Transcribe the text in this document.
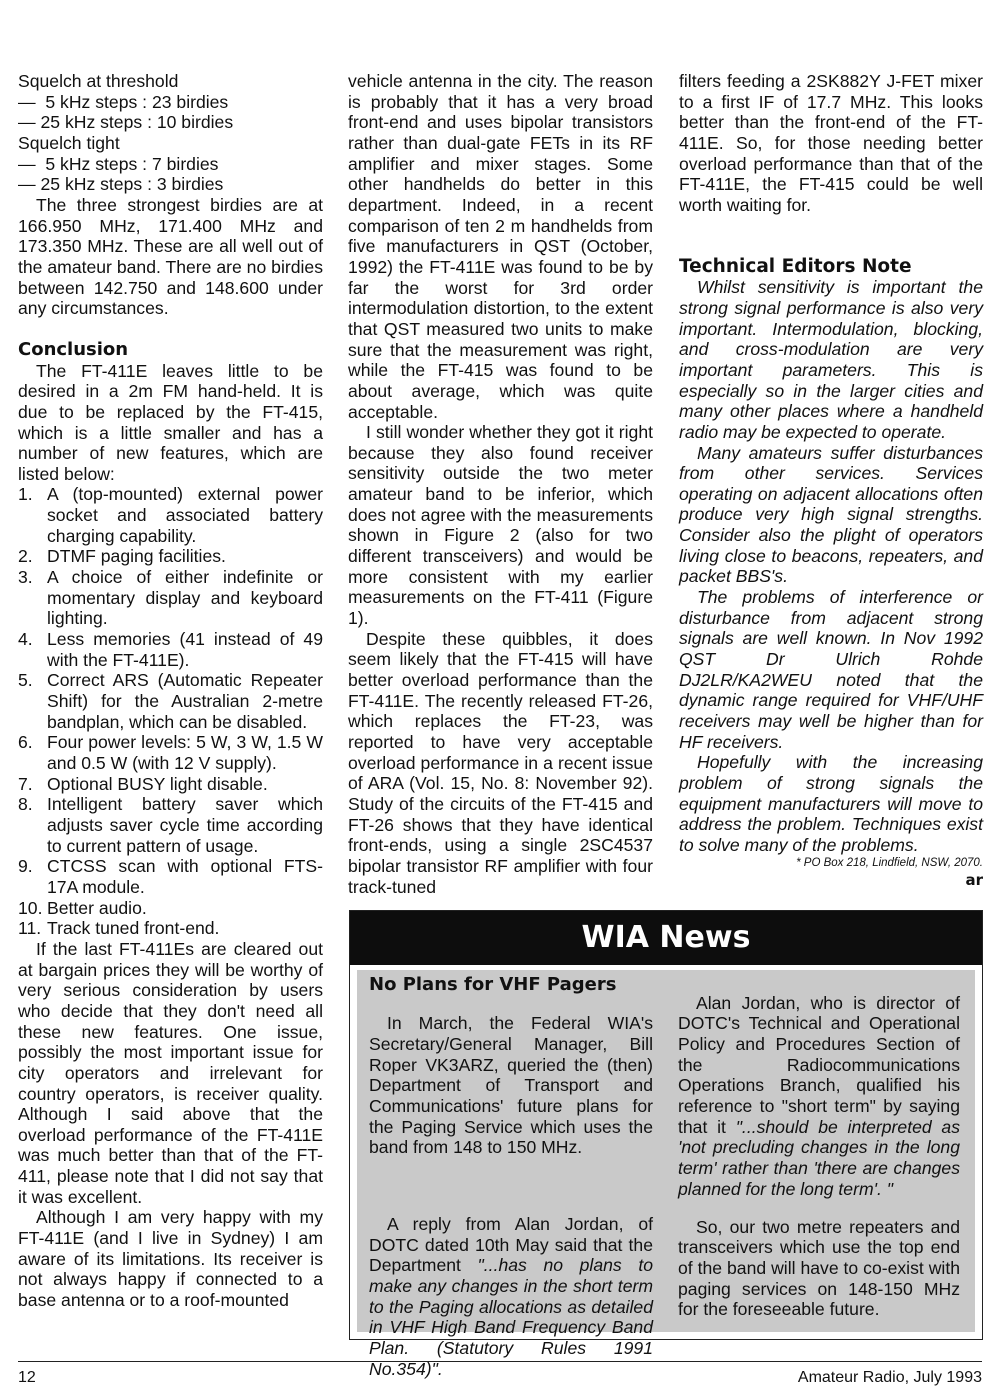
Squelch at threshold
—  5 kHz steps : 23 birdies
— 25 kHz steps : 10 birdies
Squelch tight
—  5 kHz steps : 7 birdies
— 25 kHz steps : 3 birdies

The three strongest birdies are at 166.950 MHz, 171.400 MHz and 173.350 MHz. These are all well out of the amateur band. There are no birdies between 142.750 and 148.600 under any circumstances.

Conclusion

The FT-411E leaves little to be desired in a 2m FM hand-held. It is due to be replaced by the FT-415, which is a little smaller and has a number of new features, which are listed below:

1. A (top-mounted) external power socket and associated battery charging capability.
2. DTMF paging facilities.
3. A choice of either indefinite or momentary display and keyboard lighting.
4. Less memories (41 instead of 49 with the FT-411E).
5. Correct ARS (Automatic Repeater Shift) for the Australian 2-metre bandplan, which can be disabled.
6. Four power levels: 5 W, 3 W, 1.5 W and 0.5 W (with 12 V supply).
7. Optional BUSY light disable.
8. Intelligent battery saver which adjusts saver cycle time according to current pattern of usage.
9. CTCSS scan with optional FTS-17A module.
10. Better audio.
11. Track tuned front-end.

If the last FT-411Es are cleared out at bargain prices they will be worthy of very serious consideration by users who decide that they don't need all these new features. One issue, possibly the most important issue for city operators and irrelevant for country operators, is receiver quality. Although I said above that the overload performance of the FT-411E was much better than that of the FT-411, please note that I did not say that it was excellent.

Although I am very happy with my FT-411E (and I live in Sydney) I am aware of its limitations. Its receiver is not always happy if connected to a base antenna or to a roof-mounted

vehicle antenna in the city. The reason is probably that it has a very broad front-end and uses bipolar transistors rather than dual-gate FETs in its RF amplifier and mixer stages. Some other handhelds do better in this department. Indeed, in a recent comparison of ten 2 m handhelds from five manufacturers in QST (October, 1992) the FT-411E was found to be by far the worst for 3rd order intermodulation distortion, to the extent that QST measured two units to make sure that the measurement was right, while the FT-415 was found to be about average, which was quite acceptable.

I still wonder whether they got it right because they also found receiver sensitivity outside the two meter amateur band to be inferior, which does not agree with the measurements shown in Figure 2 (also for two different transceivers) and would be more consistent with my earlier measurements on the FT-411 (Figure 1).

Despite these quibbles, it does seem likely that the FT-415 will have better overload performance than the FT-411E. The recently released FT-26, which replaces the FT-23, was reported to have very acceptable overload performance in a recent issue of ARA (Vol. 15, No. 8: November 92). Study of the circuits of the FT-415 and FT-26 shows that they have identical front-ends, using a single 2SC4537 bipolar transistor RF amplifier with four track-tuned

filters feeding a 2SK882Y J-FET mixer to a first IF of 17.7 MHz. This looks better than the front-end of the FT-411E. So, for those needing better overload performance than that of the FT-411E, the FT-415 could be well worth waiting for.

Technical Editors Note

Whilst sensitivity is important the strong signal performance is also very important. Intermodulation, blocking, and cross-modulation are very important parameters. This is especially so in the larger cities and many other places where a handheld radio may be expected to operate.

Many amateurs suffer disturbances from other services. Services operating on adjacent allocations often produce very high signal strengths. Consider also the plight of operators living close to beacons, repeaters, and packet BBS's.

The problems of interference or disturbance from adjacent strong signals are well known. In Nov 1992 QST Dr Ulrich Rohde DJ2LR/KA2WEU noted that the dynamic range required for VHF/UHF receivers may well be higher than for HF receivers.

Hopefully with the increasing problem of strong signals the equipment manufacturers will move to address the problem. Techniques exist to solve many of the problems.

* PO Box 218, Lindfield, NSW, 2070.
ar
WIA News
No Plans for VHF Pagers

In March, the Federal WIA's Secretary/General Manager, Bill Roper VK3ARZ, queried the (then) Department of Transport and Communications' future plans for the Paging Service which uses the band from 148 to 150 MHz.

A reply from Alan Jordan, of DOTC dated 10th May said that the Department "...has no plans to make any changes in the short term to the Paging allocations as detailed in VHF High Band Frequency Band Plan. (Statutory Rules 1991 No.354)".

Alan Jordan, who is director of DOTC's Technical and Operational Policy and Procedures Section of the Radiocommunications Operations Branch, qualified his reference to "short term" by saying that it "...should be interpreted as 'not precluding changes in the long term' rather than 'there are changes planned for the long term'. "

So, our two metre repeaters and transceivers which use the top end of the band will have to co-exist with paging services on 148-150 MHz for the foreseeable future.

12	Amateur Radio, July 1993
